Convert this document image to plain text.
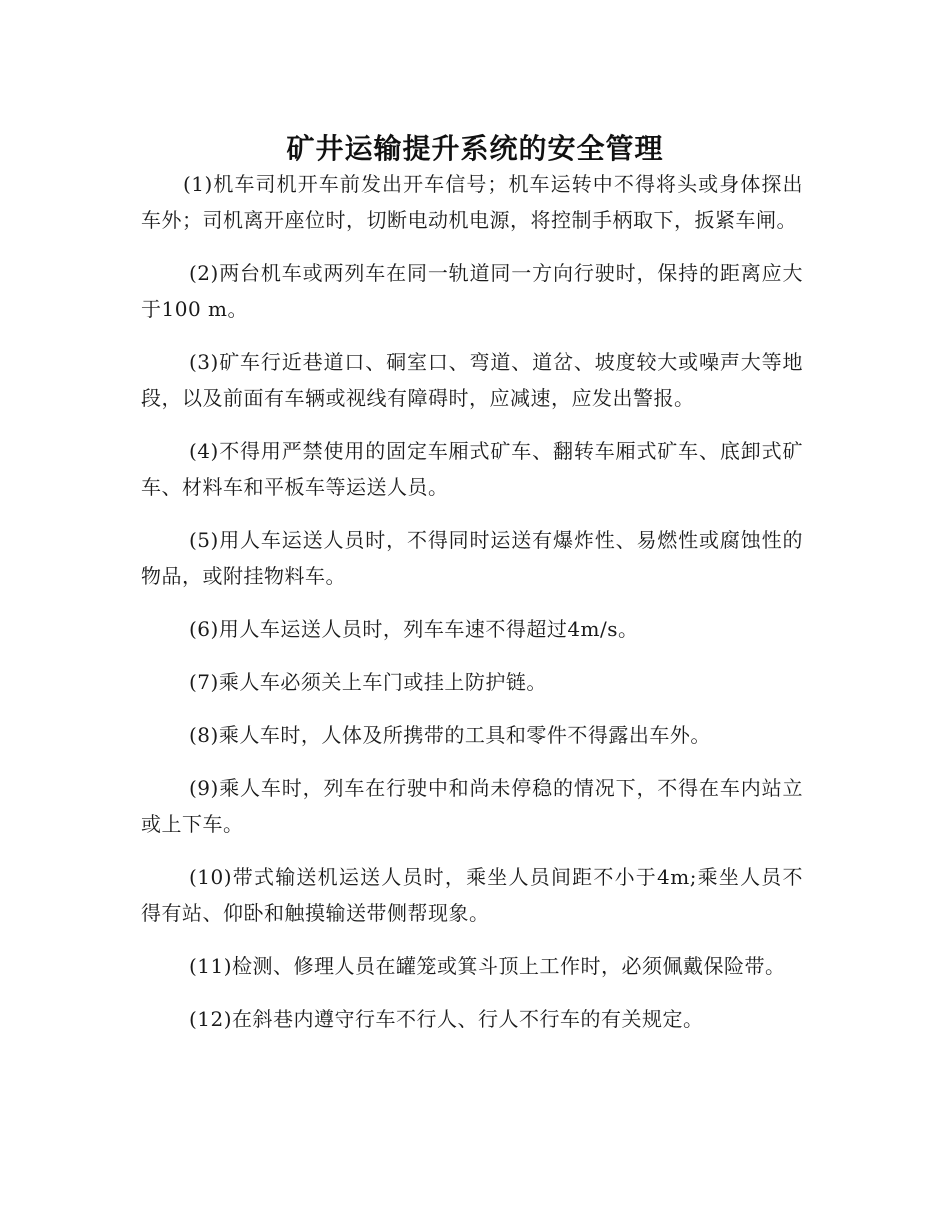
矿井运输提升系统的安全管理

(1)机车司机开车前发出开车信号；机车运转中不得将头或身体探出车外；司机离开座位时，切断电动机电源，将控制手柄取下，扳紧车闸。

(2)两台机车或两列车在同一轨道同一方向行驶时，保持的距离应大于100 m。

(3)矿车行近巷道口、硐室口、弯道、道岔、坡度较大或噪声大等地段，以及前面有车辆或视线有障碍时，应减速，应发出警报。

(4)不得用严禁使用的固定车厢式矿车、翻转车厢式矿车、底卸式矿车、材料车和平板车等运送人员。

(5)用人车运送人员时，不得同时运送有爆炸性、易燃性或腐蚀性的物品，或附挂物料车。

(6)用人车运送人员时，列车车速不得超过4m/s。

(7)乘人车必须关上车门或挂上防护链。

(8)乘人车时，人体及所携带的工具和零件不得露出车外。

(9)乘人车时，列车在行驶中和尚未停稳的情况下，不得在车内站立或上下车。

(10)带式输送机运送人员时，乘坐人员间距不小于4m;乘坐人员不得有站、仰卧和触摸输送带侧帮现象。

(11)检测、修理人员在罐笼或箕斗顶上工作时，必须佩戴保险带。

(12)在斜巷内遵守行车不行人、行人不行车的有关规定。
